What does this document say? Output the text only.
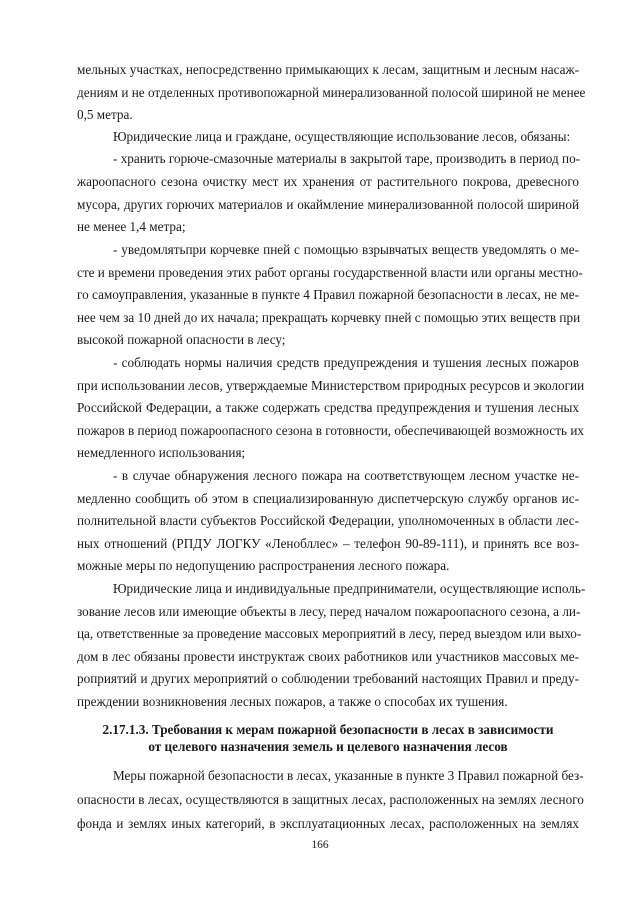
мельных участках, непосредственно примыкающих к лесам, защитным и лесным насаж-
дениям и не отделенных противопожарной минерализованной полосой шириной не менее
0,5 метра.
Юридические лица и граждане, осуществляющие использование лесов, обязаны:
- хранить горюче-смазочные материалы в закрытой таре, производить в период по-
жароопасного сезона очистку мест их хранения от растительного покрова, древесного
мусора, других горючих материалов и окаймление минерализованной полосой шириной
не менее 1,4 метра;
- уведомлятьпри корчевке пней с помощью взрывчатых веществ уведомлять о ме-
сте и времени проведения этих работ органы государственной власти или органы местно-
го самоуправления, указанные в пункте 4 Правил пожарной безопасности в лесах, не ме-
нее чем за 10 дней до их начала; прекращать корчевку пней с помощью этих веществ при
высокой пожарной опасности в лесу;
- соблюдать нормы наличия средств предупреждения и тушения лесных пожаров
при использовании лесов, утверждаемые Министерством природных ресурсов и экологии
Российской Федерации, а также содержать средства предупреждения и тушения лесных
пожаров в период пожароопасного сезона в готовности, обеспечивающей возможность их
немедленного использования;
- в случае обнаружения лесного пожара на соответствующем лесном участке не-
медленно сообщить об этом в специализированную диспетчерскую службу органов ис-
полнительной власти субъектов Российской Федерации, уполномоченных в области лес-
ных отношений (РПДУ ЛОГКУ «Ленобллес» – телефон 90-89-111), и принять все воз-
можные меры по недопущению распространения лесного пожара.
Юридические лица и индивидуальные предприниматели, осуществляющие исполь-
зование лесов или имеющие объекты в лесу, перед началом пожароопасного сезона, а ли-
ца, ответственные за проведение массовых мероприятий в лесу, перед выездом или выхо-
дом в лес обязаны провести инструктаж своих работников или участников массовых ме-
роприятий и других мероприятий о соблюдении требований настоящих Правил и преду-
преждении возникновения лесных пожаров, а также о способах их тушения.
2.17.1.3. Требования к мерам пожарной безопасности в лесах в зависимости
от целевого назначения земель и целевого назначения лесов
Меры пожарной безопасности в лесах, указанные в пункте 3 Правил пожарной без-
опасности в лесах, осуществляются в защитных лесах, расположенных на землях лесного
фонда и землях иных категорий, в эксплуатационных лесах, расположенных на землях
166
